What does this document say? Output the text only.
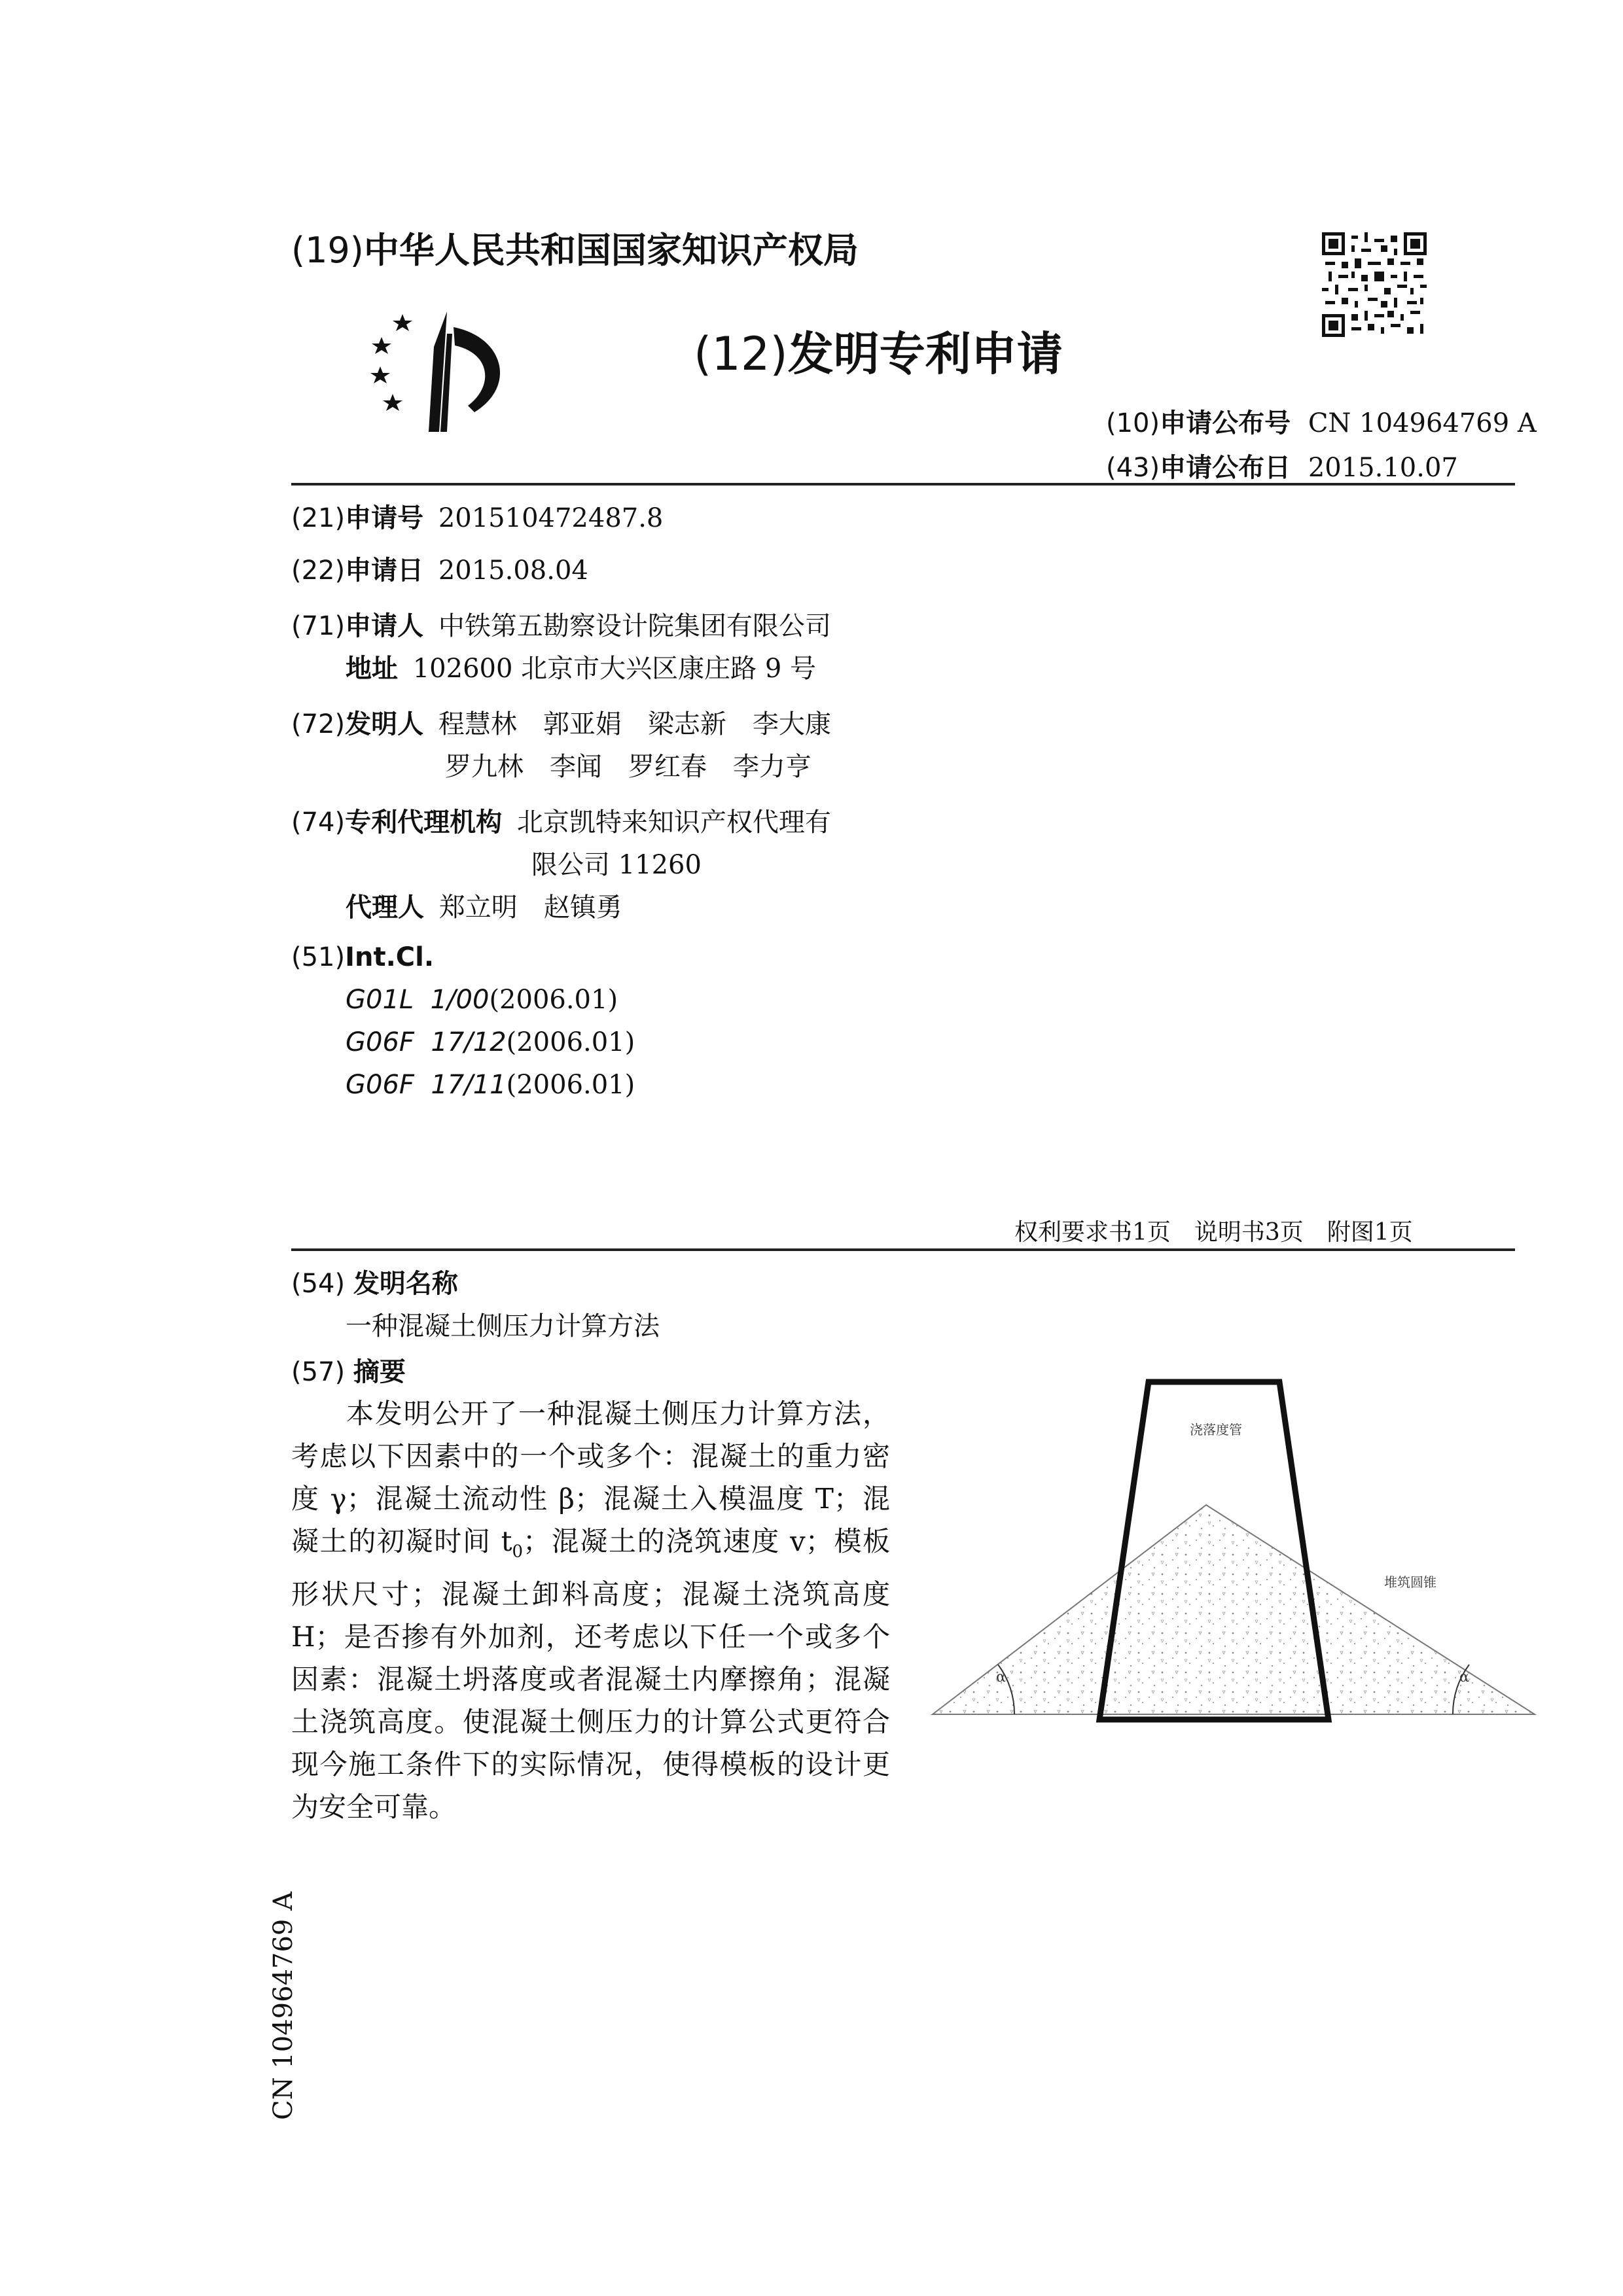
(19)中华人民共和国国家知识产权局
(12)发明专利申请
(10)申请公布号 CN 104964769 A
(43)申请公布日 2015.10.07
(21)申请号 201510472487.8
(22)申请日 2015.08.04
(71)申请人 中铁第五勘察设计院集团有限公司
地址 102600 北京市大兴区康庄路 9 号
(72)发明人 程慧林　郭亚娟　梁志新　李大康
罗九林　李闻　罗红春　李力亨
(74)专利代理机构 北京凯特来知识产权代理有
限公司 11260
代理人 郑立明　赵镇勇
(51)Int.Cl.
G01L  1/00(2006.01)
G06F  17/12(2006.01)
G06F  17/11(2006.01)
权利要求书1页　说明书3页　附图1页
(54) 发明名称
一种混凝土侧压力计算方法
(57) 摘要

本发明公开了一种混凝土侧压力计算方法，考虑以下因素中的一个或多个：混凝土的重力密度 γ；混凝土流动性 β；混凝土入模温度 T；混凝土的初凝时间 $t_0$；混凝土的浇筑速度 v；模板形状尺寸；混凝土卸料高度；混凝土浇筑高度 H；是否掺有外加剂，还考虑以下任一个或多个因素：混凝土坍落度或者混凝土内摩擦角；混凝土浇筑高度。使混凝土侧压力的计算公式更符合现今施工条件下的实际情况，使得模板的设计更为安全可靠。

α	α
浇落度管
堆筑圆锥
CN 104964769 A
